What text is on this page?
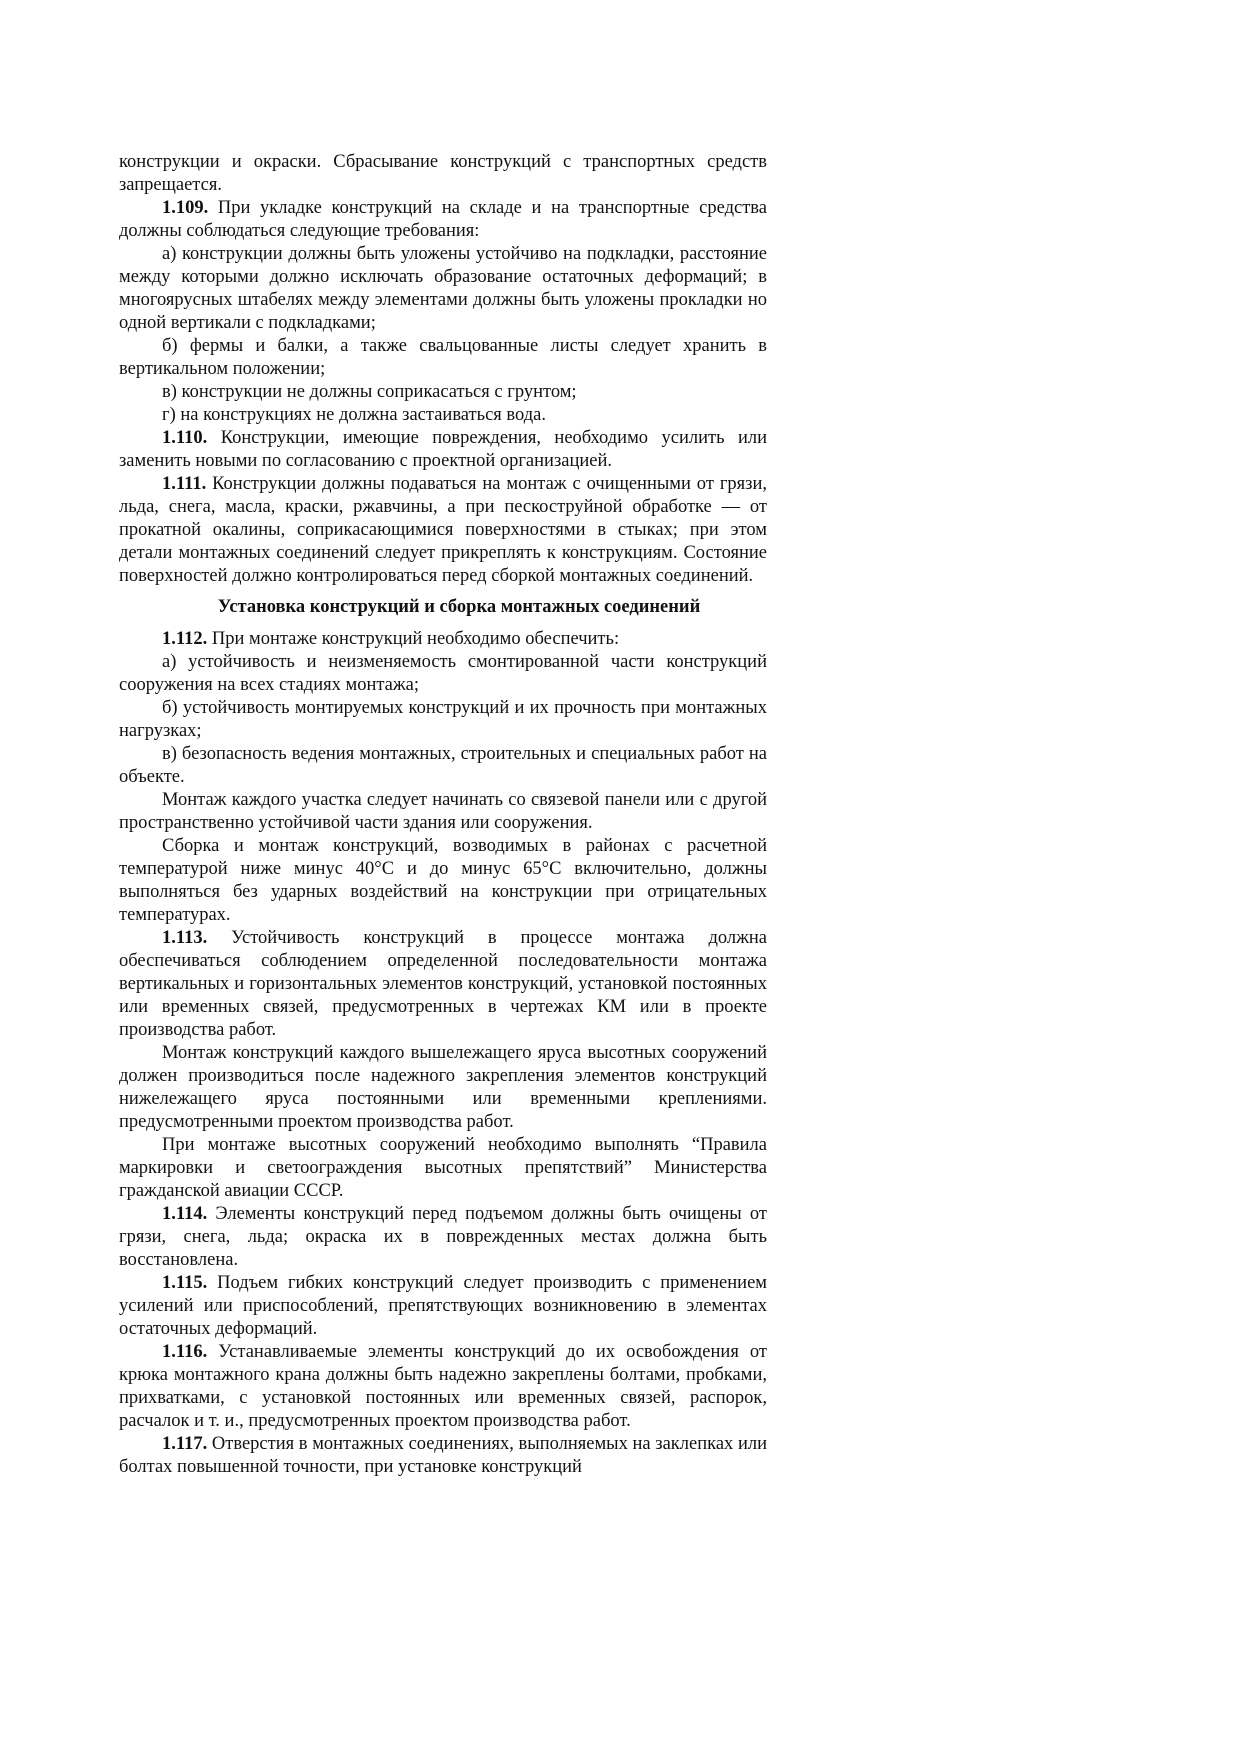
конструкции и окраски. Сбрасывание конструкций с транспортных средств запрещается.

1.109. При укладке конструкций на складе и на транспортные средства должны соблюдаться следующие требования:

а) конструкции должны быть уложены устойчиво на подкладки, расстояние между которыми должно исключать образование остаточных деформаций; в многоярусных штабелях между элементами должны быть уложены прокладки но одной вертикали с подкладками;

б) фермы и балки, а также свальцованные листы следует хранить в вертикальном положении;

в) конструкции не должны соприкасаться с грунтом;

г) на конструкциях не должна застаиваться вода.

1.110. Конструкции, имеющие повреждения, необходимо усилить или заменить новыми по согласованию с проектной организацией.

1.111. Конструкции должны подаваться на монтаж с очищенными от грязи, льда, снега, масла, краски, ржавчины, а при пескоструйной обработке — от прокатной окалины, соприкасающимися поверхностями в стыках; при этом детали монтажных соединений следует прикреплять к конструкциям. Состояние поверхностей должно контролироваться перед сборкой монтажных соединений.

Установка конструкций и сборка монтажных соединений

1.112. При монтаже конструкций необходимо обеспечить:

а) устойчивость и неизменяемость смонтированной части конструкций сооружения на всех стадиях монтажа;

б) устойчивость монтируемых конструкций и их прочность при монтажных нагрузках;

в) безопасность ведения монтажных, строительных и специальных работ на объекте.

Монтаж каждого участка следует начинать со связевой панели или с другой пространственно устойчивой части здания или сооружения.

Сборка и монтаж конструкций, возводимых в районах с расчетной температурой ниже минус 40°С и до минус 65°С включительно, должны выполняться без ударных воздействий на конструкции при отрицательных температурах.

1.113. Устойчивость конструкций в процессе монтажа должна обеспечиваться соблюдением определенной последовательности монтажа вертикальных и горизонтальных элементов конструкций, установкой постоянных или временных связей, предусмотренных в чертежах КМ или в проекте производства работ.

Монтаж конструкций каждого вышележащего яруса высотных сооружений должен производиться после надежного закрепления элементов конструкций нижележащего яруса постоянными или временными креплениями. предусмотренными проектом производства работ.

При монтаже высотных сооружений необходимо выполнять “Правила маркировки и светоограждения высотных препятствий” Министерства гражданской авиации СССР.

1.114. Элементы конструкций перед подъемом должны быть очищены от грязи, снега, льда; окраска их в поврежденных местах должна быть восстановлена.

1.115. Подъем гибких конструкций следует производить с применением усилений или приспособлений, препятствующих возникновению в элементах остаточных деформаций.

1.116. Устанавливаемые элементы конструкций до их освобождения от крюка монтажного крана должны быть надежно закреплены болтами, пробками, прихватками, с установкой постоянных или временных связей, распорок, расчалок и т. и., предусмотренных проектом производства работ.

1.117. Отверстия в монтажных соединениях, выполняемых на заклепках или болтах повышенной точности, при установке конструкций
